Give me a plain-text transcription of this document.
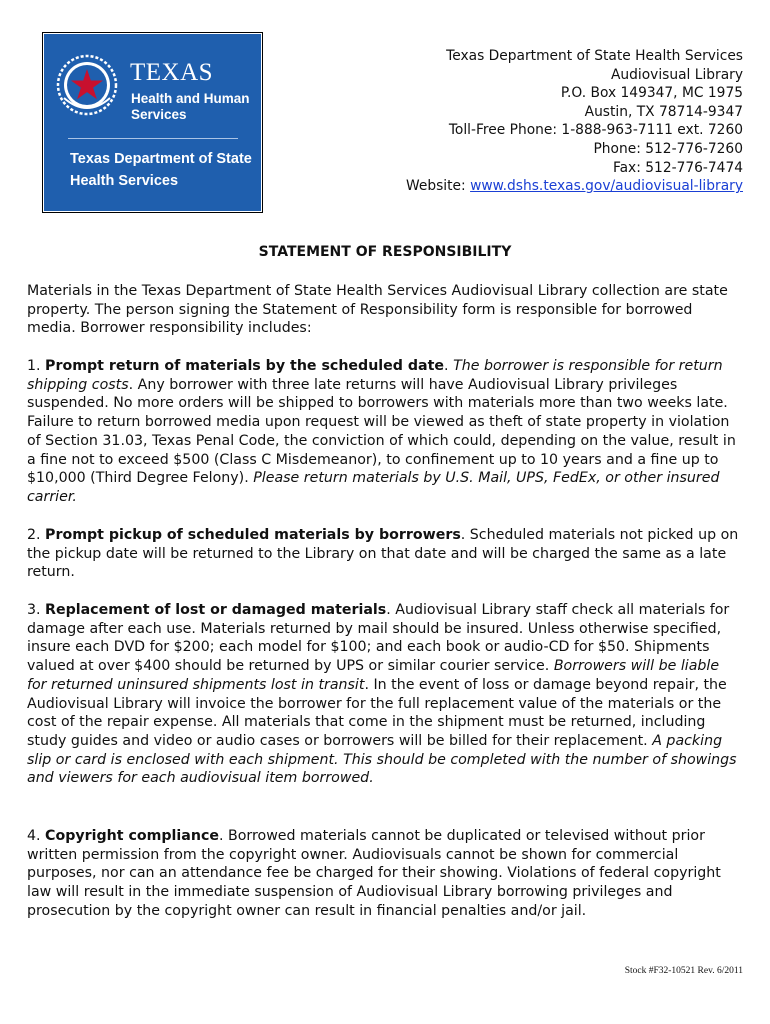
TEXAS
Health and Human
Services
Texas Department of State
Health Services
Texas Department of State Health Services
Audiovisual Library
P.O. Box 149347, MC 1975
Austin, TX 78714-9347
Toll-Free Phone: 1-888-963-7111 ext. 7260
Phone: 512-776-7260
Fax: 512-776-7474
Website: www.dshs.texas.gov/audiovisual-library
STATEMENT OF RESPONSIBILITY
Materials in the Texas Department of State Health Services Audiovisual Library collection are state property. The person signing the Statement of Responsibility form is responsible for borrowed media. Borrower responsibility includes:
1. Prompt return of materials by the scheduled date. The borrower is responsible for return shipping costs. Any borrower with three late returns will have Audiovisual Library privileges suspended. No more orders will be shipped to borrowers with materials more than two weeks late. Failure to return borrowed media upon request will be viewed as theft of state property in violation of Section 31.03, Texas Penal Code, the conviction of which could, depending on the value, result in a fine not to exceed $500 (Class C Misdemeanor), to confinement up to 10 years and a fine up to $10,000 (Third Degree Felony). Please return materials by U.S. Mail, UPS, FedEx, or other insured carrier.
2. Prompt pickup of scheduled materials by borrowers. Scheduled materials not picked up on the pickup date will be returned to the Library on that date and will be charged the same as a late return.
3. Replacement of lost or damaged materials. Audiovisual Library staff check all materials for damage after each use. Materials returned by mail should be insured. Unless otherwise specified, insure each DVD for $200; each model for $100; and each book or audio-CD for $50. Shipments valued at over $400 should be returned by UPS or similar courier service. Borrowers will be liable for returned uninsured shipments lost in transit. In the event of loss or damage beyond repair, the Audiovisual Library will invoice the borrower for the full replacement value of the materials or the cost of the repair expense. All materials that come in the shipment must be returned, including study guides and video or audio cases or borrowers will be billed for their replacement. A packing slip or card is enclosed with each shipment. This should be completed with the number of showings and viewers for each audiovisual item borrowed.
4. Copyright compliance. Borrowed materials cannot be duplicated or televised without prior written permission from the copyright owner. Audiovisuals cannot be shown for commercial purposes, nor can an attendance fee be charged for their showing. Violations of federal copyright law will result in the immediate suspension of Audiovisual Library borrowing privileges and prosecution by the copyright owner can result in financial penalties and/or jail.
Stock #F32-10521 Rev. 6/2011
